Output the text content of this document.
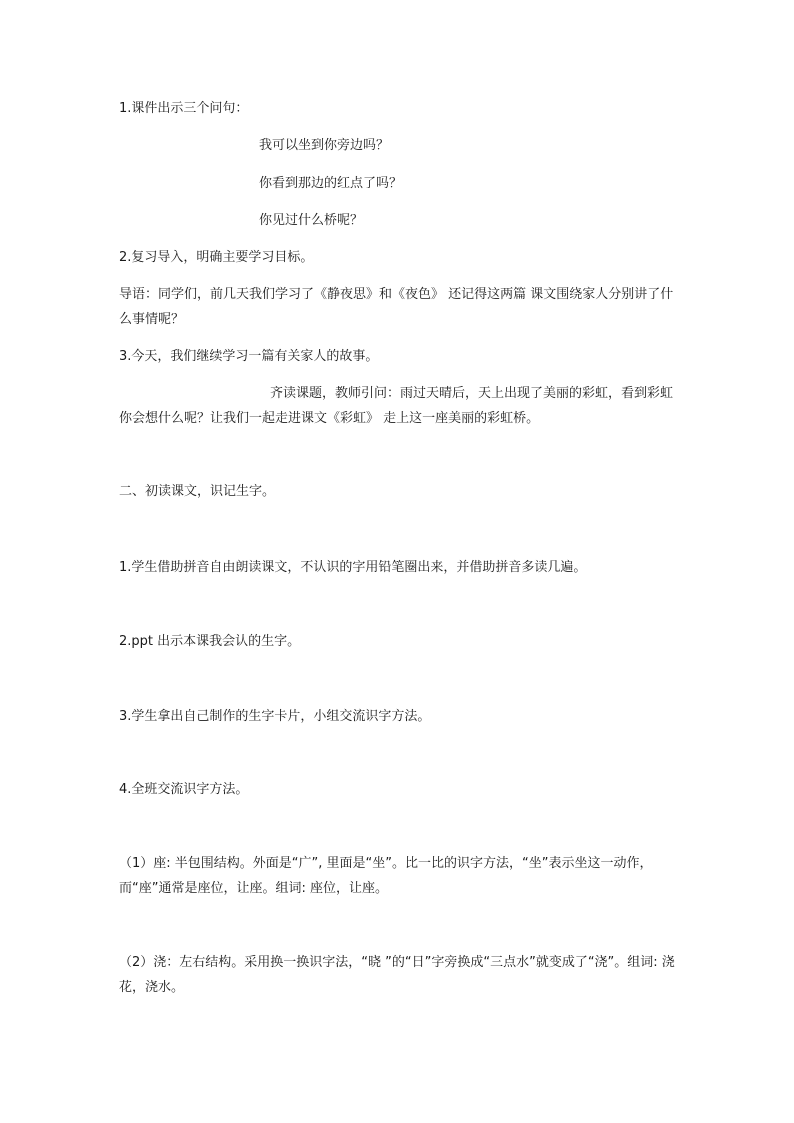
1.课件出示三个问句：
我可以坐到你旁边吗？
你看到那边的红点了吗？
你见过什么桥呢？
2.复习导入，明确主要学习目标。
导语：同学们，前几天我们学习了《静夜思》和《夜色》 还记得这两篇 课文围绕家人分别讲了什么事情呢？
3.今天，我们继续学习一篇有关家人的故事。
齐读课题，教师引问：雨过天晴后，天上出现了美丽的彩虹，看到彩虹你会想什么呢？让我们一起走进课文《彩虹》 走上这一座美丽的彩虹桥。
二、初读课文，识记生字。
1.学生借助拼音自由朗读课文，不认识的字用铅笔圈出来，并借助拼音多读几遍。
2.ppt 出示本课我会认的生字。
3.学生拿出自己制作的生字卡片，小组交流识字方法。
4.全班交流识字方法。
（1）座: 半包围结构。外面是“广”, 里面是“坐”。比一比的识字方法，“坐”表示坐这一动作，而“座”通常是座位，让座。组词: 座位，让座。
（2）浇：左右结构。采用换一换识字法，“晓 ”的“日”字旁换成“三点水”就变成了“浇”。组词: 浇花，浇水。
